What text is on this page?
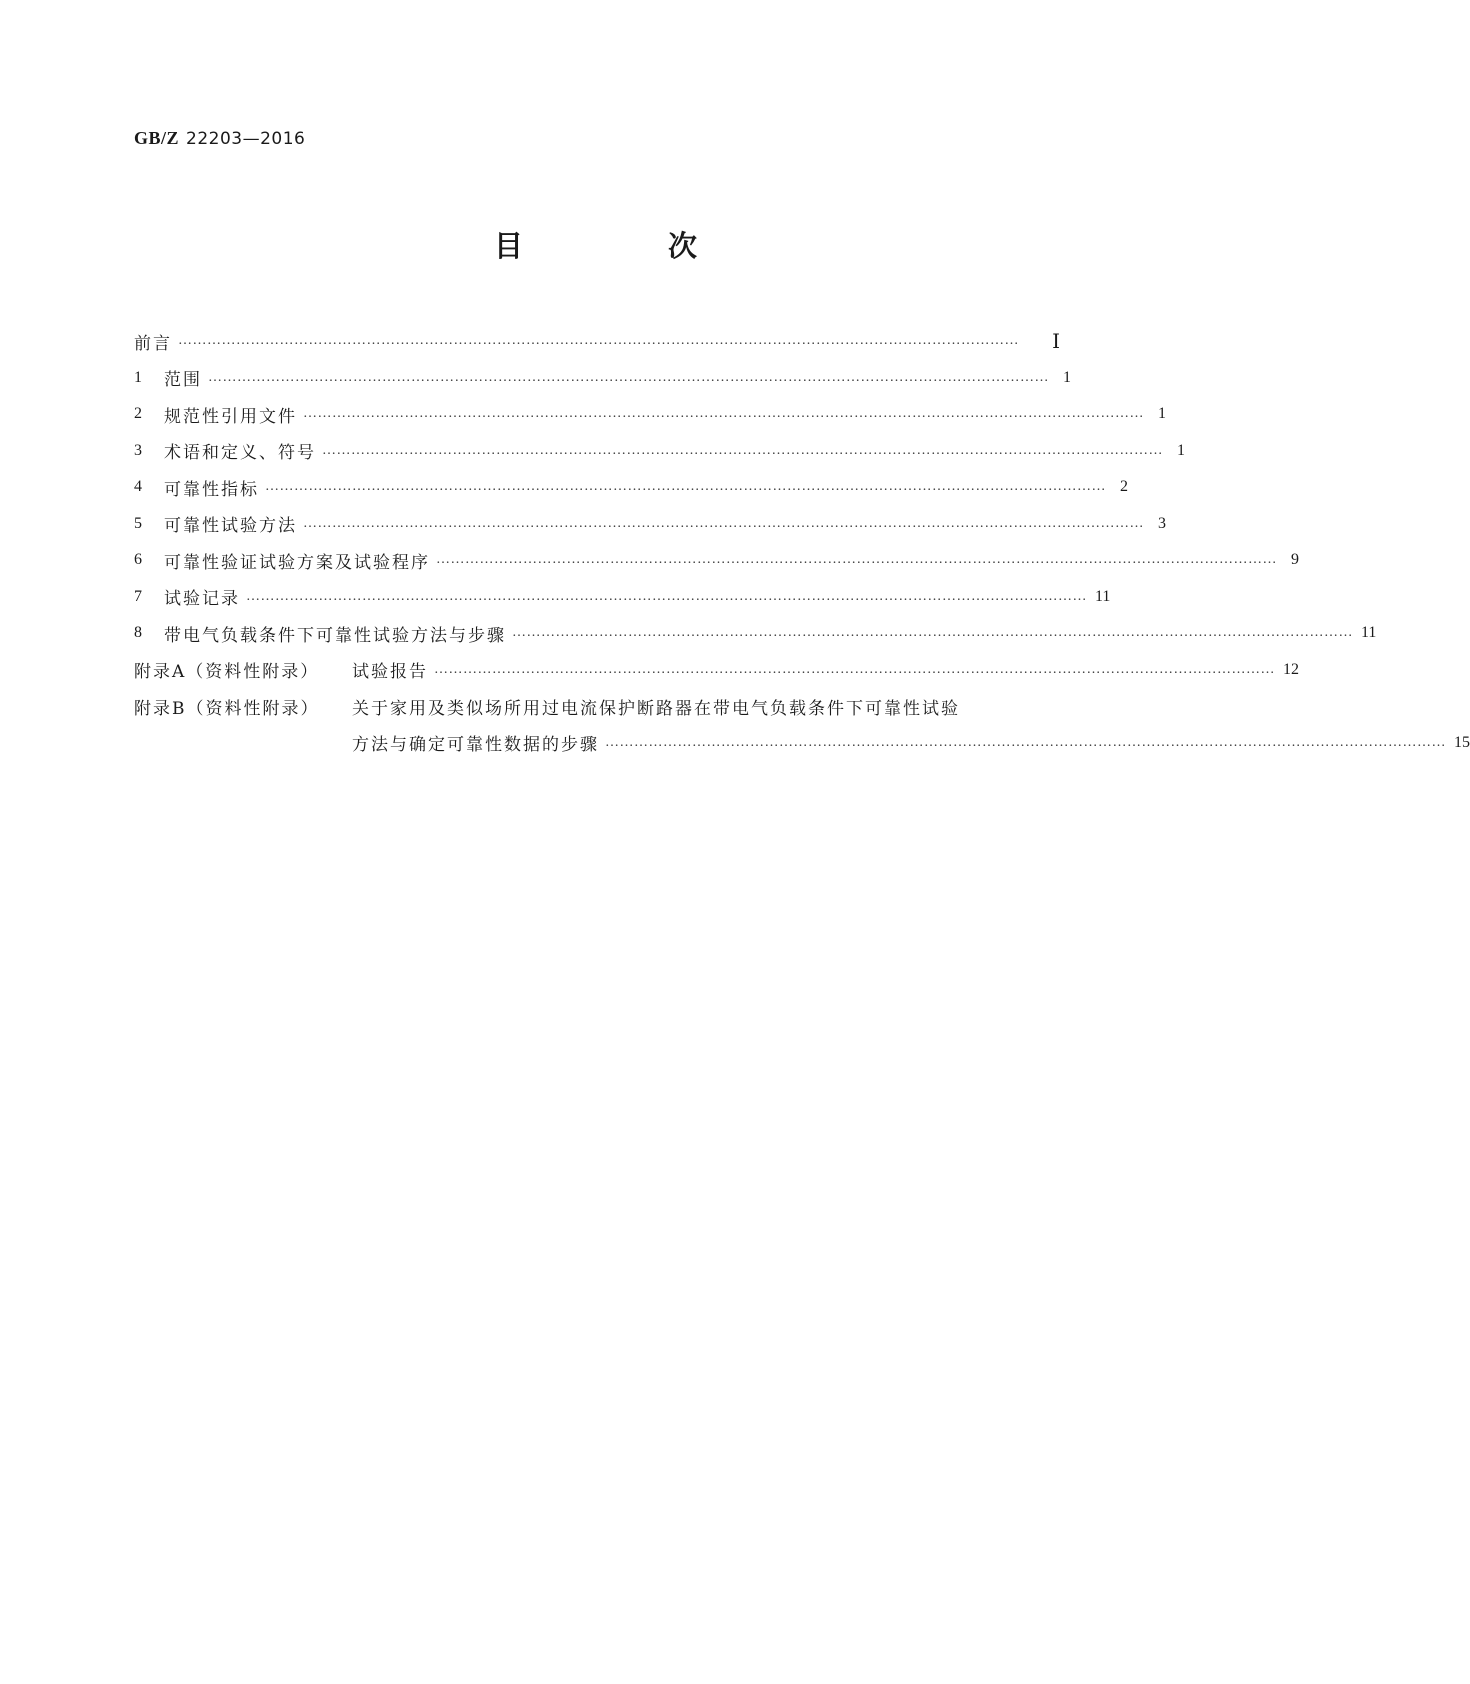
GB/Z 22203—2016
目　次
前言 …………………………………………………………………………………………………………………………………………………………	Ⅰ
1	范围 ………………………………………………………………………………………………………………………………………………………… 1
2	规范性引用文件 ………………………………………………………………………………………………………………………………………………………… 1
3	术语和定义、符号 ………………………………………………………………………………………………………………………………………………………… 1
4	可靠性指标 ………………………………………………………………………………………………………………………………………………………… 2
5	可靠性试验方法 ………………………………………………………………………………………………………………………………………………………… 3
6	可靠性验证试验方案及试验程序 ………………………………………………………………………………………………………………………………………………………… 9
7	试验记录 ………………………………………………………………………………………………………………………………………………………… 11
8	带电气负载条件下可靠性试验方法与步骤 ………………………………………………………………………………………………………………………………………………………… 11
附录A（资料性附录）	试验报告 ………………………………………………………………………………………………………………………………………………………… 12
附录B（资料性附录）	关于家用及类似场所用过电流保护断路器在带电气负载条件下可靠性试验
方法与确定可靠性数据的步骤 ………………………………………………………………………………………………………………………………………………………… 15
